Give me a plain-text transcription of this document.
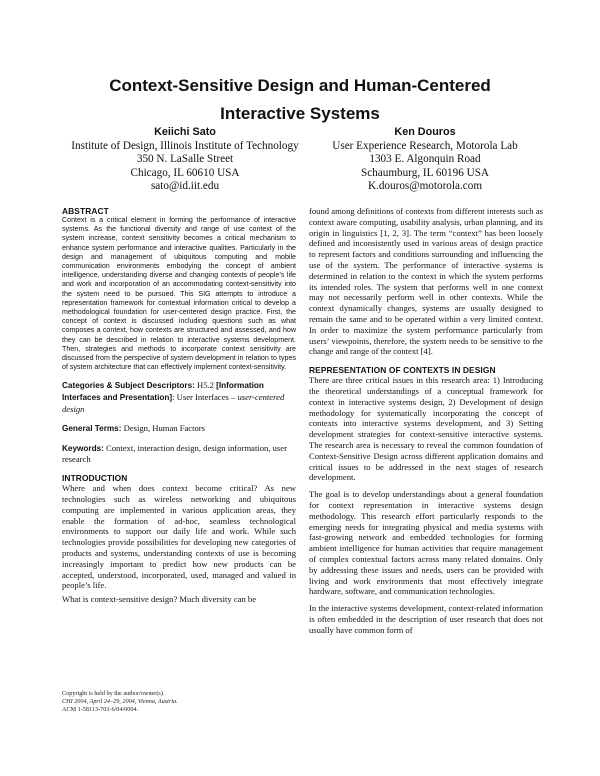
Context-Sensitive Design and Human-Centered
Interactive Systems
Keiichi Sato
Institute of Design, Illinois Institute of Technology
350 N. LaSalle Street
Chicago, IL 60610 USA
sato@id.iit.edu
Ken Douros
User Experience Research, Motorola Lab
1303 E. Algonquin Road
Schaumburg, IL 60196 USA
K.douros@motorola.com
ABSTRACT

Context is a critical element in forming the performance of interactive systems. As the functional diversity and range of use context of the system increase, context sensitivity becomes a critical mechanism to enhance system performance and interactive qualities. Particularly in the design and management of ubiquitous computing and mobile communication environments embodying the concept of ambient intelligence, understanding diverse and changing contexts of people’s life and work and incorporation of an accommodating context-sensitivity into the system need to be pursued. This SIG attempts to introduce a representation framework for contextual information critical to develop a methodological foundation for user-centered design practice. First, the concept of context is discussed including questions such as what composes a context, how contexts are structured and assessed, and how they can be described in relation to interactive systems development. Then, strategies and methods to incorporate context sensitivity are discussed from the perspective of system development in relation to types of system architecture that can effectively implement context-sensitivity.

Categories & Subject Descriptors: H5.2 [Information Interfaces and Presentation]: User Interfaces – user-centered design

General Terms: Design, Human Factors

Keywords: Context, interaction design, design information, user research

INTRODUCTION

Where and when does context become critical? As new technologies such as wireless networking and ubiquitous computing are implemented in various application areas, they enable the formation of ad-hoc, seamless technological environments to support our daily life and work. While such technologies provide possibilities for developing new categories of products and systems, understanding contexts of use is becoming increasingly important to predict how new products can be accepted, understood, incorporated, used, managed and valued in people’s life.

What is context-sensitive design? Much diversity can be

Copyright is held by the author/owner(s).
CHI 2004, April 24–29, 2004, Vienna, Austria.
ACM 1-58113-703-6/04/0004.

found among definitions of contexts from different interests such as context aware computing, usability analysis, urban planning, and its origin in linguistics [1, 2, 3]. The term “context” has been loosely defined and inconsistently used in various areas of design practice to represent factors and conditions surrounding and influencing the use of the system. The performance of interactive systems is determined in relation to the context in which the system performs its intended roles. The system that performs well in one context may not necessarily perform well in other contexts. While the context dynamically changes, systems are usually designed to remain the same and to be operated within a very limited context. In order to maximize the system performance particularly from users’ viewpoints, therefore, the system needs to be sensitive to the change and range of the context [4].

REPRESENTATION OF CONTEXTS IN DESIGN

There are three critical issues in this research area: 1) Introducing the theoretical understandings of a conceptual framework for context in interactive systems design, 2) Development of design methodology for systematically incorporating the concept of contexts into interactive systems development, and 3) Setting development strategies for context-sensitive interactive systems. The research area is necessary to reveal the common foundation of Context-Sensitive Design across different application domains and critical issues to be addressed in the next stages of research development.

The goal is to develop understandings about a general foundation for context representation in interactive systems design methodology. This research effort particularly responds to the emerging needs for integrating physical and media systems with fast-growing network and embedded technologies for forming ambient intelligence for human activities that require management of complex contextual factors across many related domains. Only by addressing these issues and needs, users can be provided with living and work environments that most effectively integrate hardware, software, and communication technologies.

In the interactive systems development, context-related information is often embedded in the description of user research that does not usually have common form of
